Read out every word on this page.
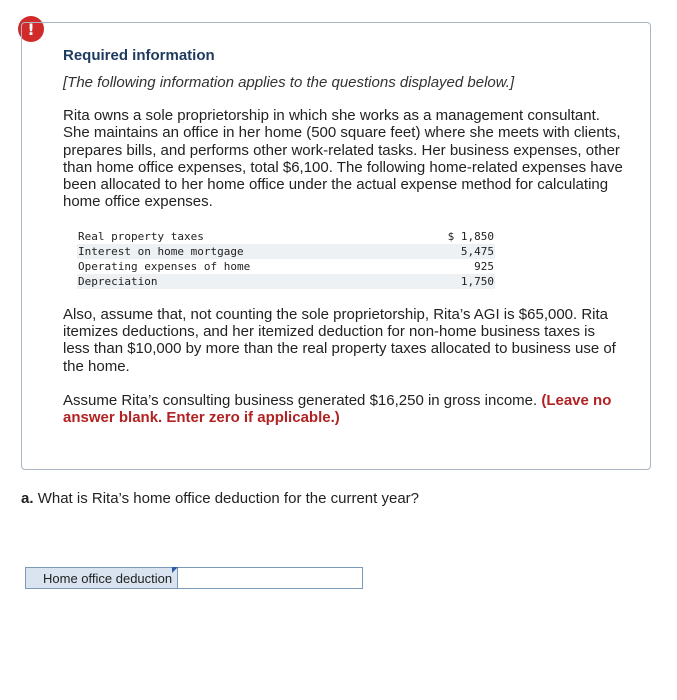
!

Required information

[The following information applies to the questions displayed below.]

Rita owns a sole proprietorship in which she works as a management consultant. She maintains an office in her home (500 square feet) where she meets with clients, prepares bills, and performs other work-related tasks. Her business expenses, other than home office expenses, total $6,100. The following home-related expenses have been allocated to her home office under the actual expense method for calculating home office expenses.

Real property taxes	$ 1,850
Interest on home mortgage	5,475
Operating expenses of home	925
Depreciation	1,750

Also, assume that, not counting the sole proprietorship, Rita’s AGI is $65,000. Rita itemizes deductions, and her itemized deduction for non-home business taxes is less than $10,000 by more than the real property taxes allocated to business use of the home.

Assume Rita’s consulting business generated $16,250 in gross income. (Leave no answer blank. Enter zero if applicable.)

a. What is Rita’s home office deduction for the current year?

Home office deduction
